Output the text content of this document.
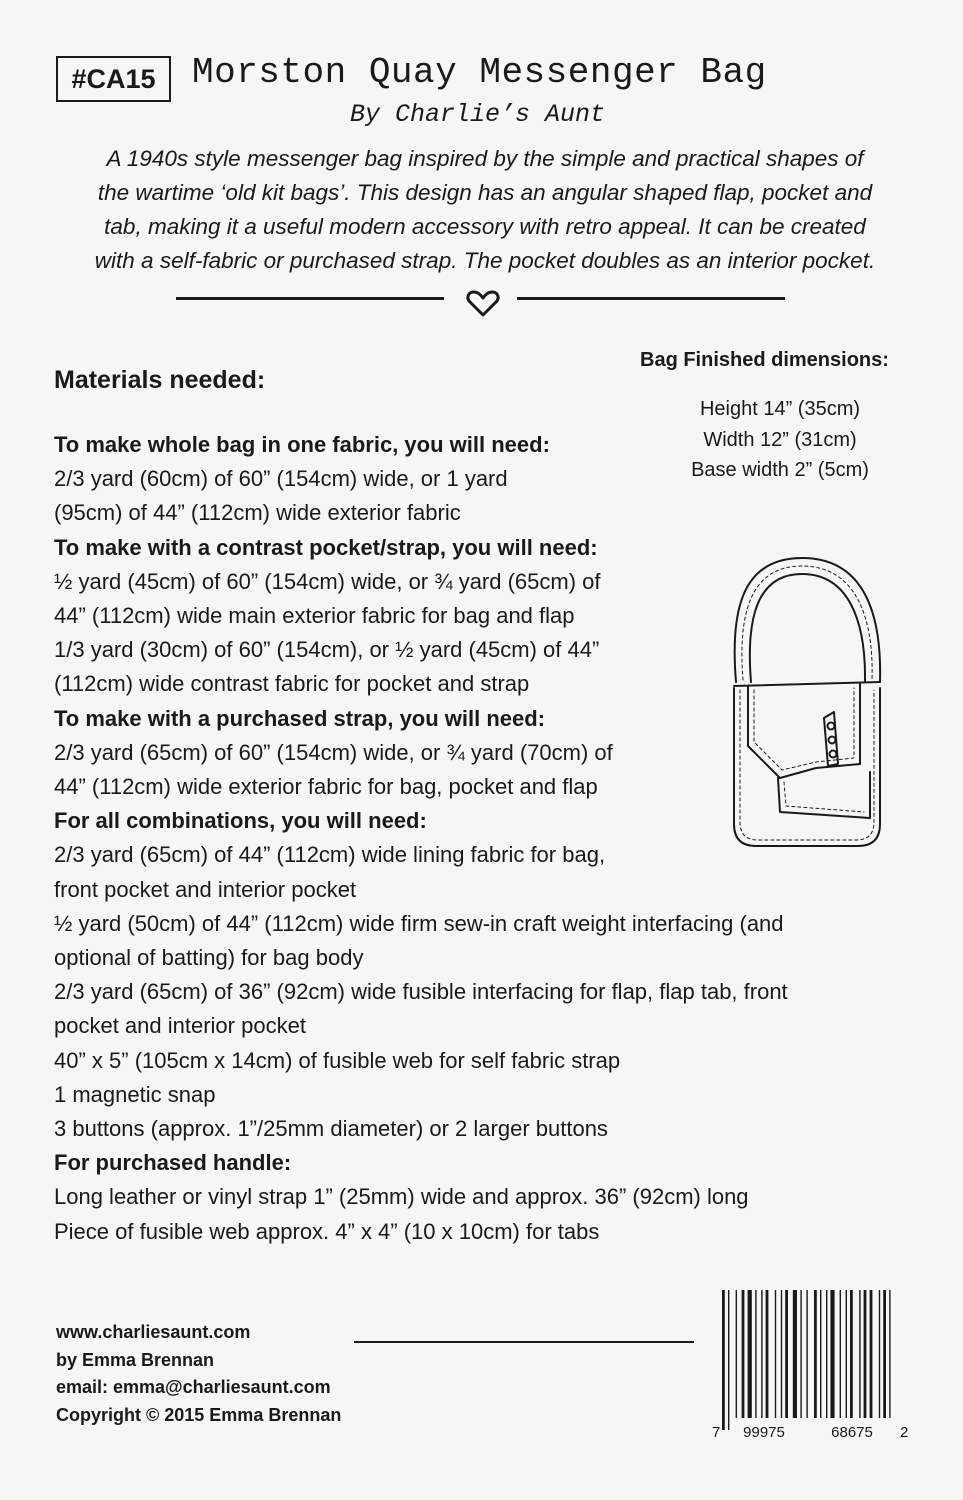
#CA15	Morston Quay Messenger Bag
By Charlie’s Aunt
A 1940s style messenger bag inspired by the simple and practical shapes of
the wartime ‘old kit bags’. This design has an angular shaped flap, pocket and
tab, making it a useful modern accessory with retro appeal. It can be created
with a self-fabric or purchased strap. The pocket doubles as an interior pocket.
Materials needed:
To make whole bag in one fabric, you will need:
2/3 yard (60cm) of 60” (154cm) wide, or 1 yard
(95cm) of 44” (112cm) wide exterior fabric
To make with a contrast pocket/strap, you will need:
½ yard (45cm) of 60” (154cm) wide, or ¾ yard (65cm) of
44” (112cm) wide main exterior fabric for bag and flap
1/3 yard (30cm) of 60” (154cm), or ½ yard (45cm) of 44”
(112cm) wide contrast fabric for pocket and strap
To make with a purchased strap, you will need:
2/3 yard (65cm) of 60” (154cm) wide, or ¾ yard (70cm) of
44” (112cm) wide exterior fabric for bag, pocket and flap
For all combinations, you will need:
2/3 yard (65cm) of 44” (112cm) wide lining fabric for bag,
front pocket and interior pocket
½ yard (50cm) of 44” (112cm) wide firm sew-in craft weight interfacing (and
optional of batting) for bag body
2/3 yard (65cm) of 36” (92cm) wide fusible interfacing for flap, flap tab, front
pocket and interior pocket
40” x 5” (105cm x 14cm) of fusible web for self fabric strap
1 magnetic snap
3 buttons (approx. 1”/25mm diameter) or 2 larger buttons
For purchased handle:
Long leather or vinyl strap 1” (25mm) wide and approx. 36” (92cm) long
Piece of fusible web approx. 4” x 4” (10 x 10cm) for tabs
Bag Finished dimensions:
Height 14” (35cm)
Width 12” (31cm)
Base width 2” (5cm)
www.charliesaunt.com
by Emma Brennan
email: emma@charliesaunt.com
Copyright © 2015 Emma Brennan
7 99975	68675 2
